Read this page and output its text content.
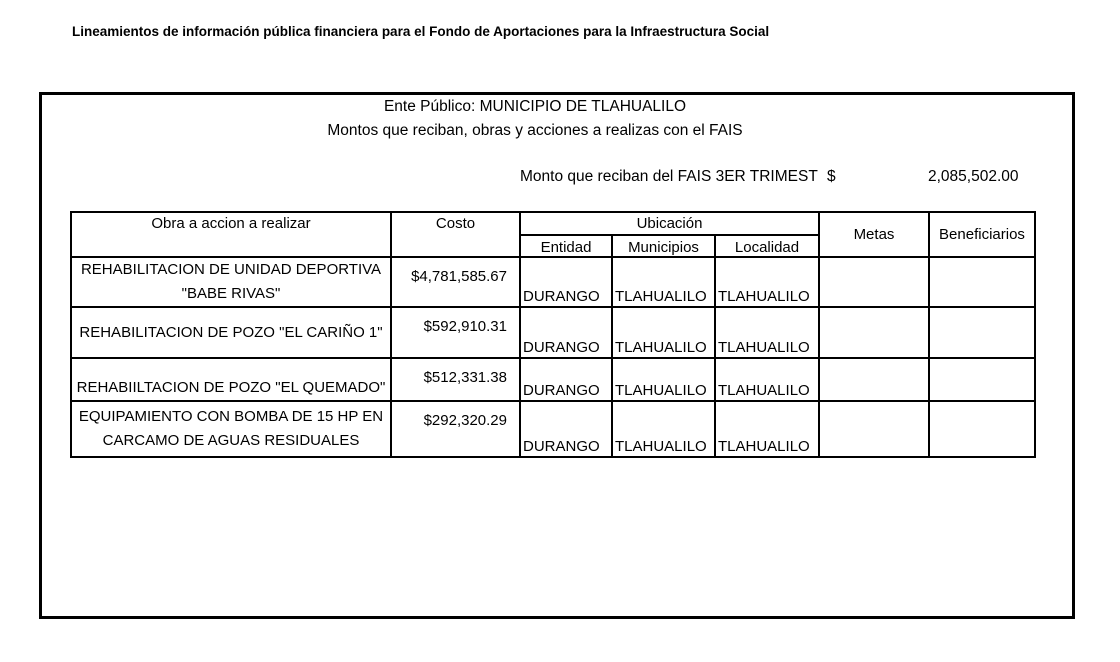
Lineamientos de información pública financiera para el Fondo de Aportaciones para la Infraestructura Social
Ente Público: MUNICIPIO DE TLAHUALILO
Montos que reciban, obras y acciones a realizas con el FAIS
Monto que reciban del FAIS 3ER TRIMEST $	2,085,502.00
Obra a accion a realizar	Costo	Ubicación			Metas	Beneficiarios
		Entidad	Municipios	Localidad		
REHABILITACION DE UNIDAD DEPORTIVA "BABE RIVAS"	$4,781,585.67	DURANGO	TLAHUALILO	TLAHUALILO		
REHABILITACION DE POZO "EL CARIÑO 1"	$592,910.31	DURANGO	TLAHUALILO	TLAHUALILO		
REHABIILTACION DE POZO "EL QUEMADO"	$512,331.38	DURANGO	TLAHUALILO	TLAHUALILO		
EQUIPAMIENTO CON BOMBA DE 15 HP EN CARCAMO DE AGUAS RESIDUALES	$292,320.29	DURANGO	TLAHUALILO	TLAHUALILO		
